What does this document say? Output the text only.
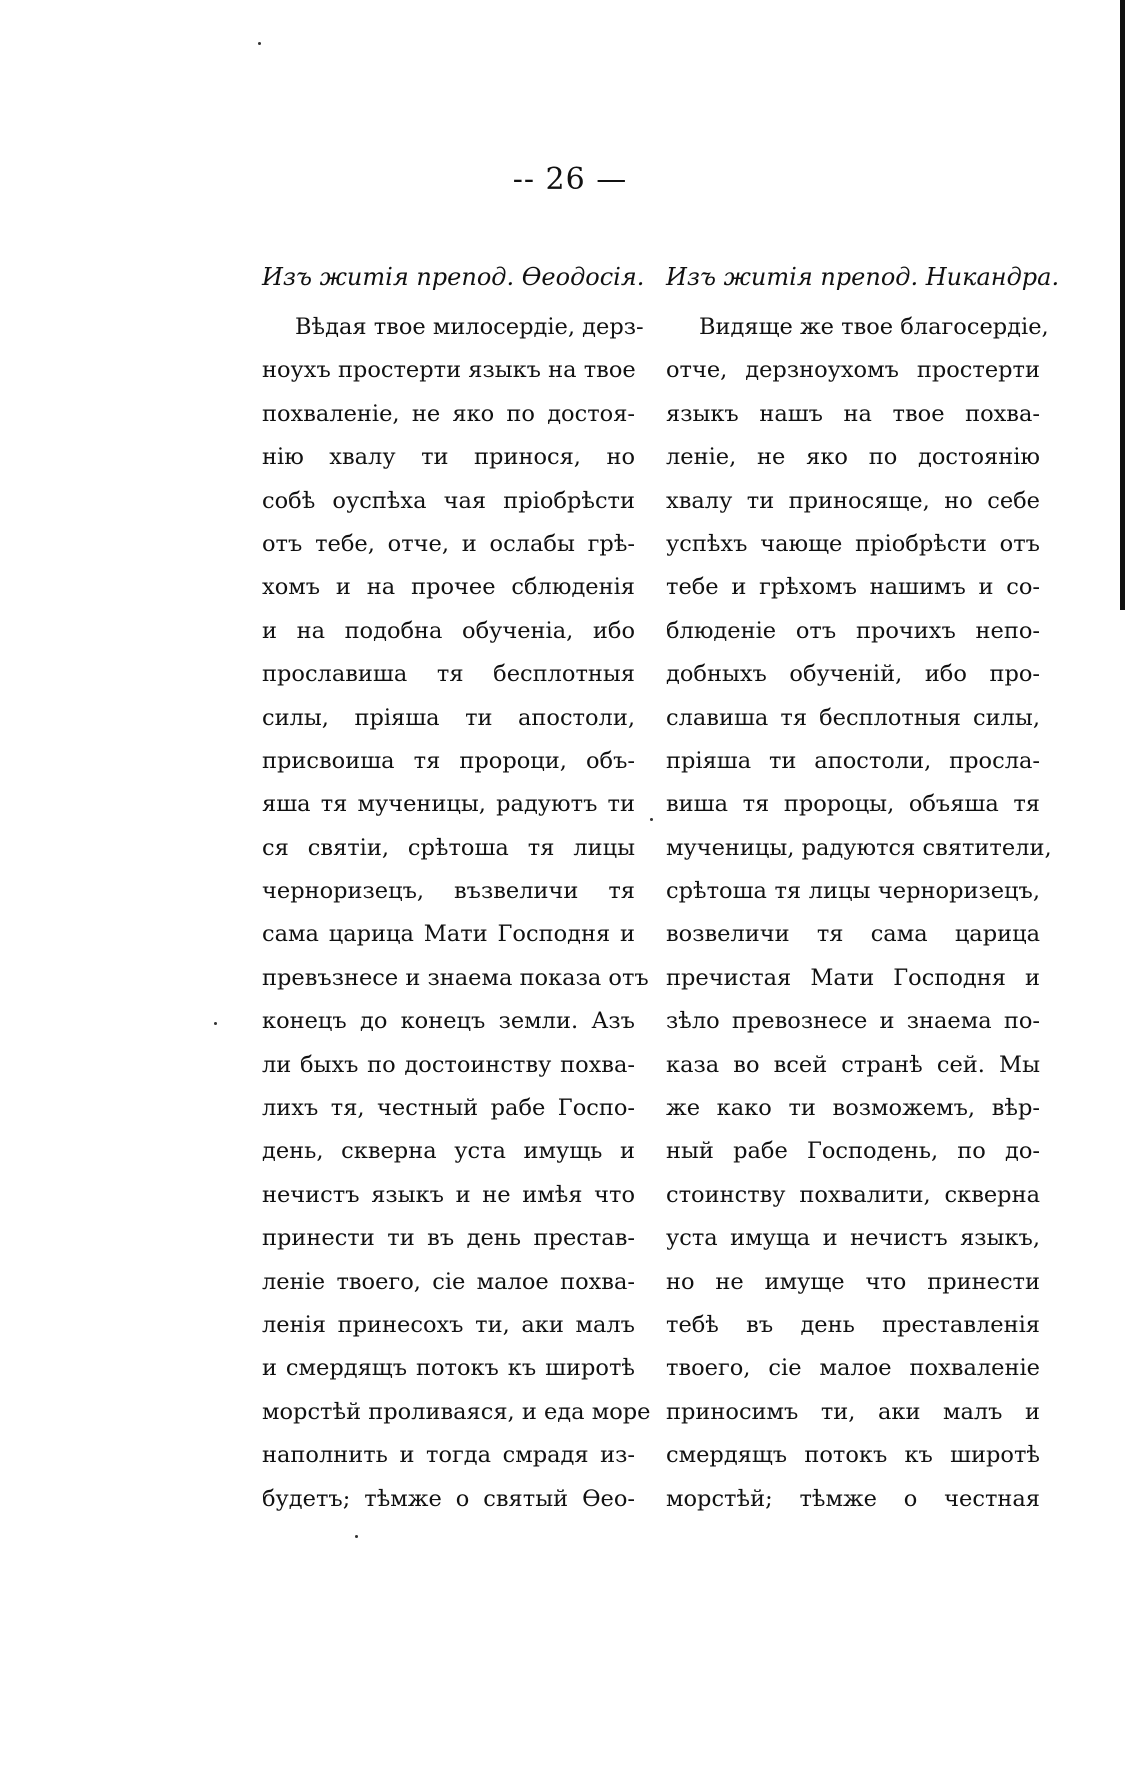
-- 26 —
Изъ житія препод. Өеодосія.
Вѣдая твое милосердіе, дерз-
ноухъ простерти языкъ на твое
похваленіе, не яко по достоя-
нію хвалу ти принося, но
собѣ оуспѣха чая пріобрѣсти
отъ тебе, отче, и ослабы грѣ-
хомъ и на прочее сблюденія
и на подобна обученіа, ибо
прославиша тя бесплотныя
силы, пріяша ти апостоли,
присвоиша тя пророци, объ-
яша тя мученицы, радуютъ ти
ся святіи, срѣтоша тя лицы
черноризецъ, възвеличи тя
сама царица Мати Господня и
превъзнесе и знаема показа отъ
конецъ до конецъ земли. Азъ
ли быхъ по достоинству похва-
лихъ тя, честный рабе Госпо-
день, скверна уста имущь и
нечистъ языкъ и не имѣя что
принести ти въ день престав-
леніе твоего, сіе малое похва-
ленія принесохъ ти, аки малъ
и смердящъ потокъ къ широтѣ
морстѣй проливаяся, и еда море
наполнить и тогда смрадя из-
будетъ; тѣмже о святый Өео-
Изъ житія препод. Никандра.
Видяще же твое благосердіе,
отче, дерзноухомъ простерти
языкъ нашъ на твое похва-
леніе, не яко по достоянію
хвалу ти приносяще, но себе
успѣхъ чающе пріобрѣсти отъ
тебе и грѣхомъ нашимъ и со-
блюденіе отъ прочихъ непо-
добныхъ обученій, ибо про-
славиша тя бесплотныя силы,
пріяша ти апостоли, просла-
виша тя пророцы, объяша тя
мученицы, радуются святители,
срѣтоша тя лицы черноризецъ,
возвеличи тя сама царица
пречистая Мати Господня и
зѣло превознесе и знаема по-
каза во всей странѣ сей. Мы
же како ти возможемъ, вѣр-
ный рабе Господень, по до-
стоинству похвалити, скверна
уста имуща и нечистъ языкъ,
но не имуще что принести
тебѣ въ день преставленія
твоего, сіе малое похваленіе
приносимъ ти, аки малъ и
смердящъ потокъ къ широтѣ
морстѣй; тѣмже о честная
